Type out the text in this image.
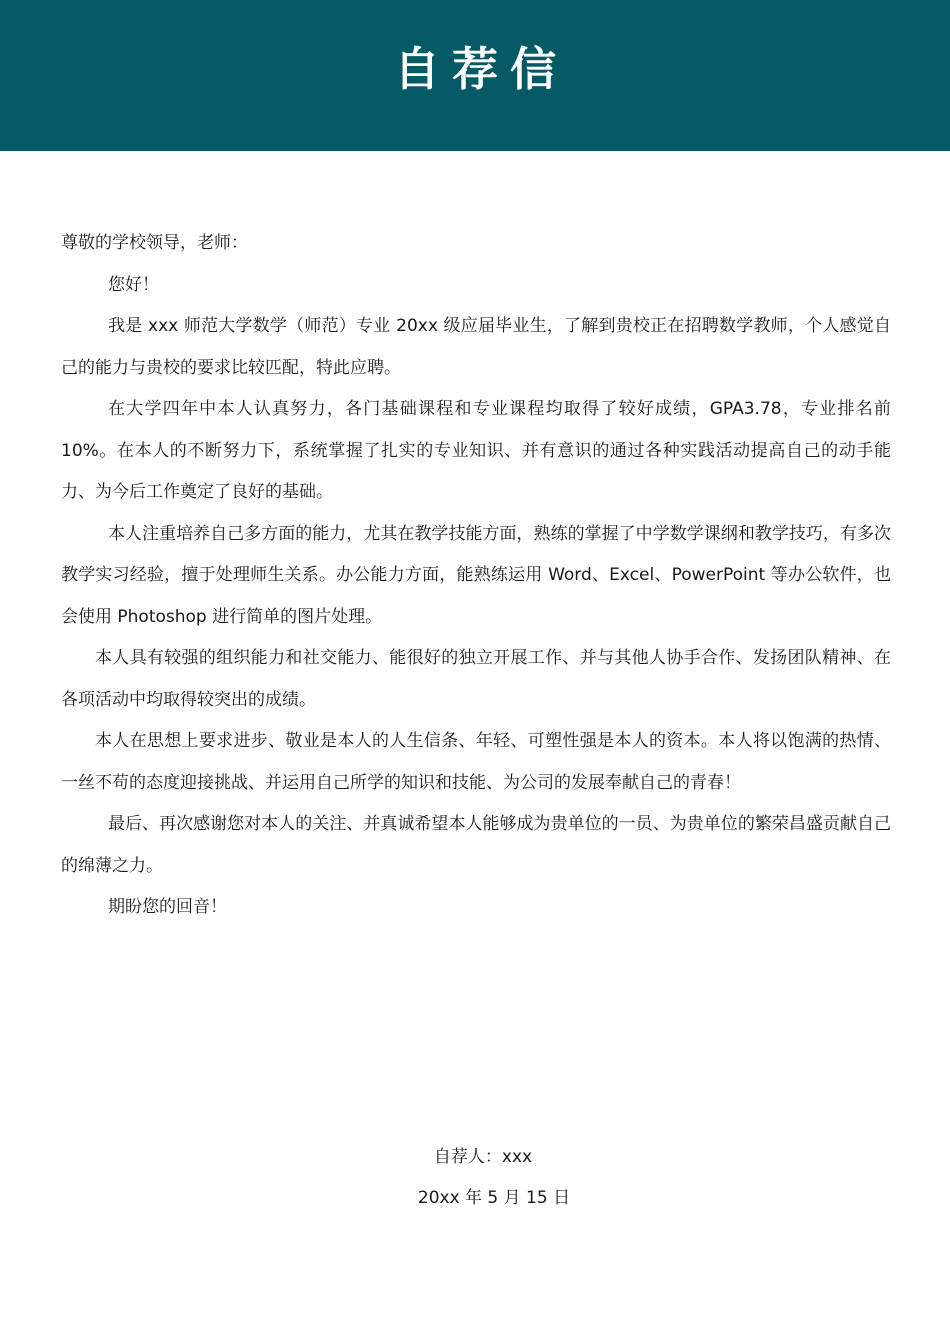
自荐信

尊敬的学校领导，老师：

您好！

我是 xxx 师范大学数学（师范）专业 20xx 级应届毕业生，了解到贵校正在招聘数学教师，个人感觉自己的能力与贵校的要求比较匹配，特此应聘。

在大学四年中本人认真努力，各门基础课程和专业课程均取得了较好成绩，GPA3.78，专业排名前 10%。在本人的不断努力下，系统掌握了扎实的专业知识、并有意识的通过各种实践活动提高自己的动手能力、为今后工作奠定了良好的基础。

本人注重培养自己多方面的能力，尤其在教学技能方面，熟练的掌握了中学数学课纲和教学技巧，有多次教学实习经验，擅于处理师生关系。办公能力方面，能熟练运用 Word、Excel、PowerPoint 等办公软件，也会使用 Photoshop 进行简单的图片处理。

本人具有较强的组织能力和社交能力、能很好的独立开展工作、并与其他人协手合作、发扬团队精神、在各项活动中均取得较突出的成绩。

本人在思想上要求进步、敬业是本人的人生信条、年轻、可塑性强是本人的资本。本人将以饱满的热情、一丝不苟的态度迎接挑战、并运用自己所学的知识和技能、为公司的发展奉献自己的青春！

最后、再次感谢您对本人的关注、并真诚希望本人能够成为贵单位的一员、为贵单位的繁荣昌盛贡献自己的绵薄之力。

期盼您的回音！

自荐人：xxx
20xx 年 5 月 15 日
